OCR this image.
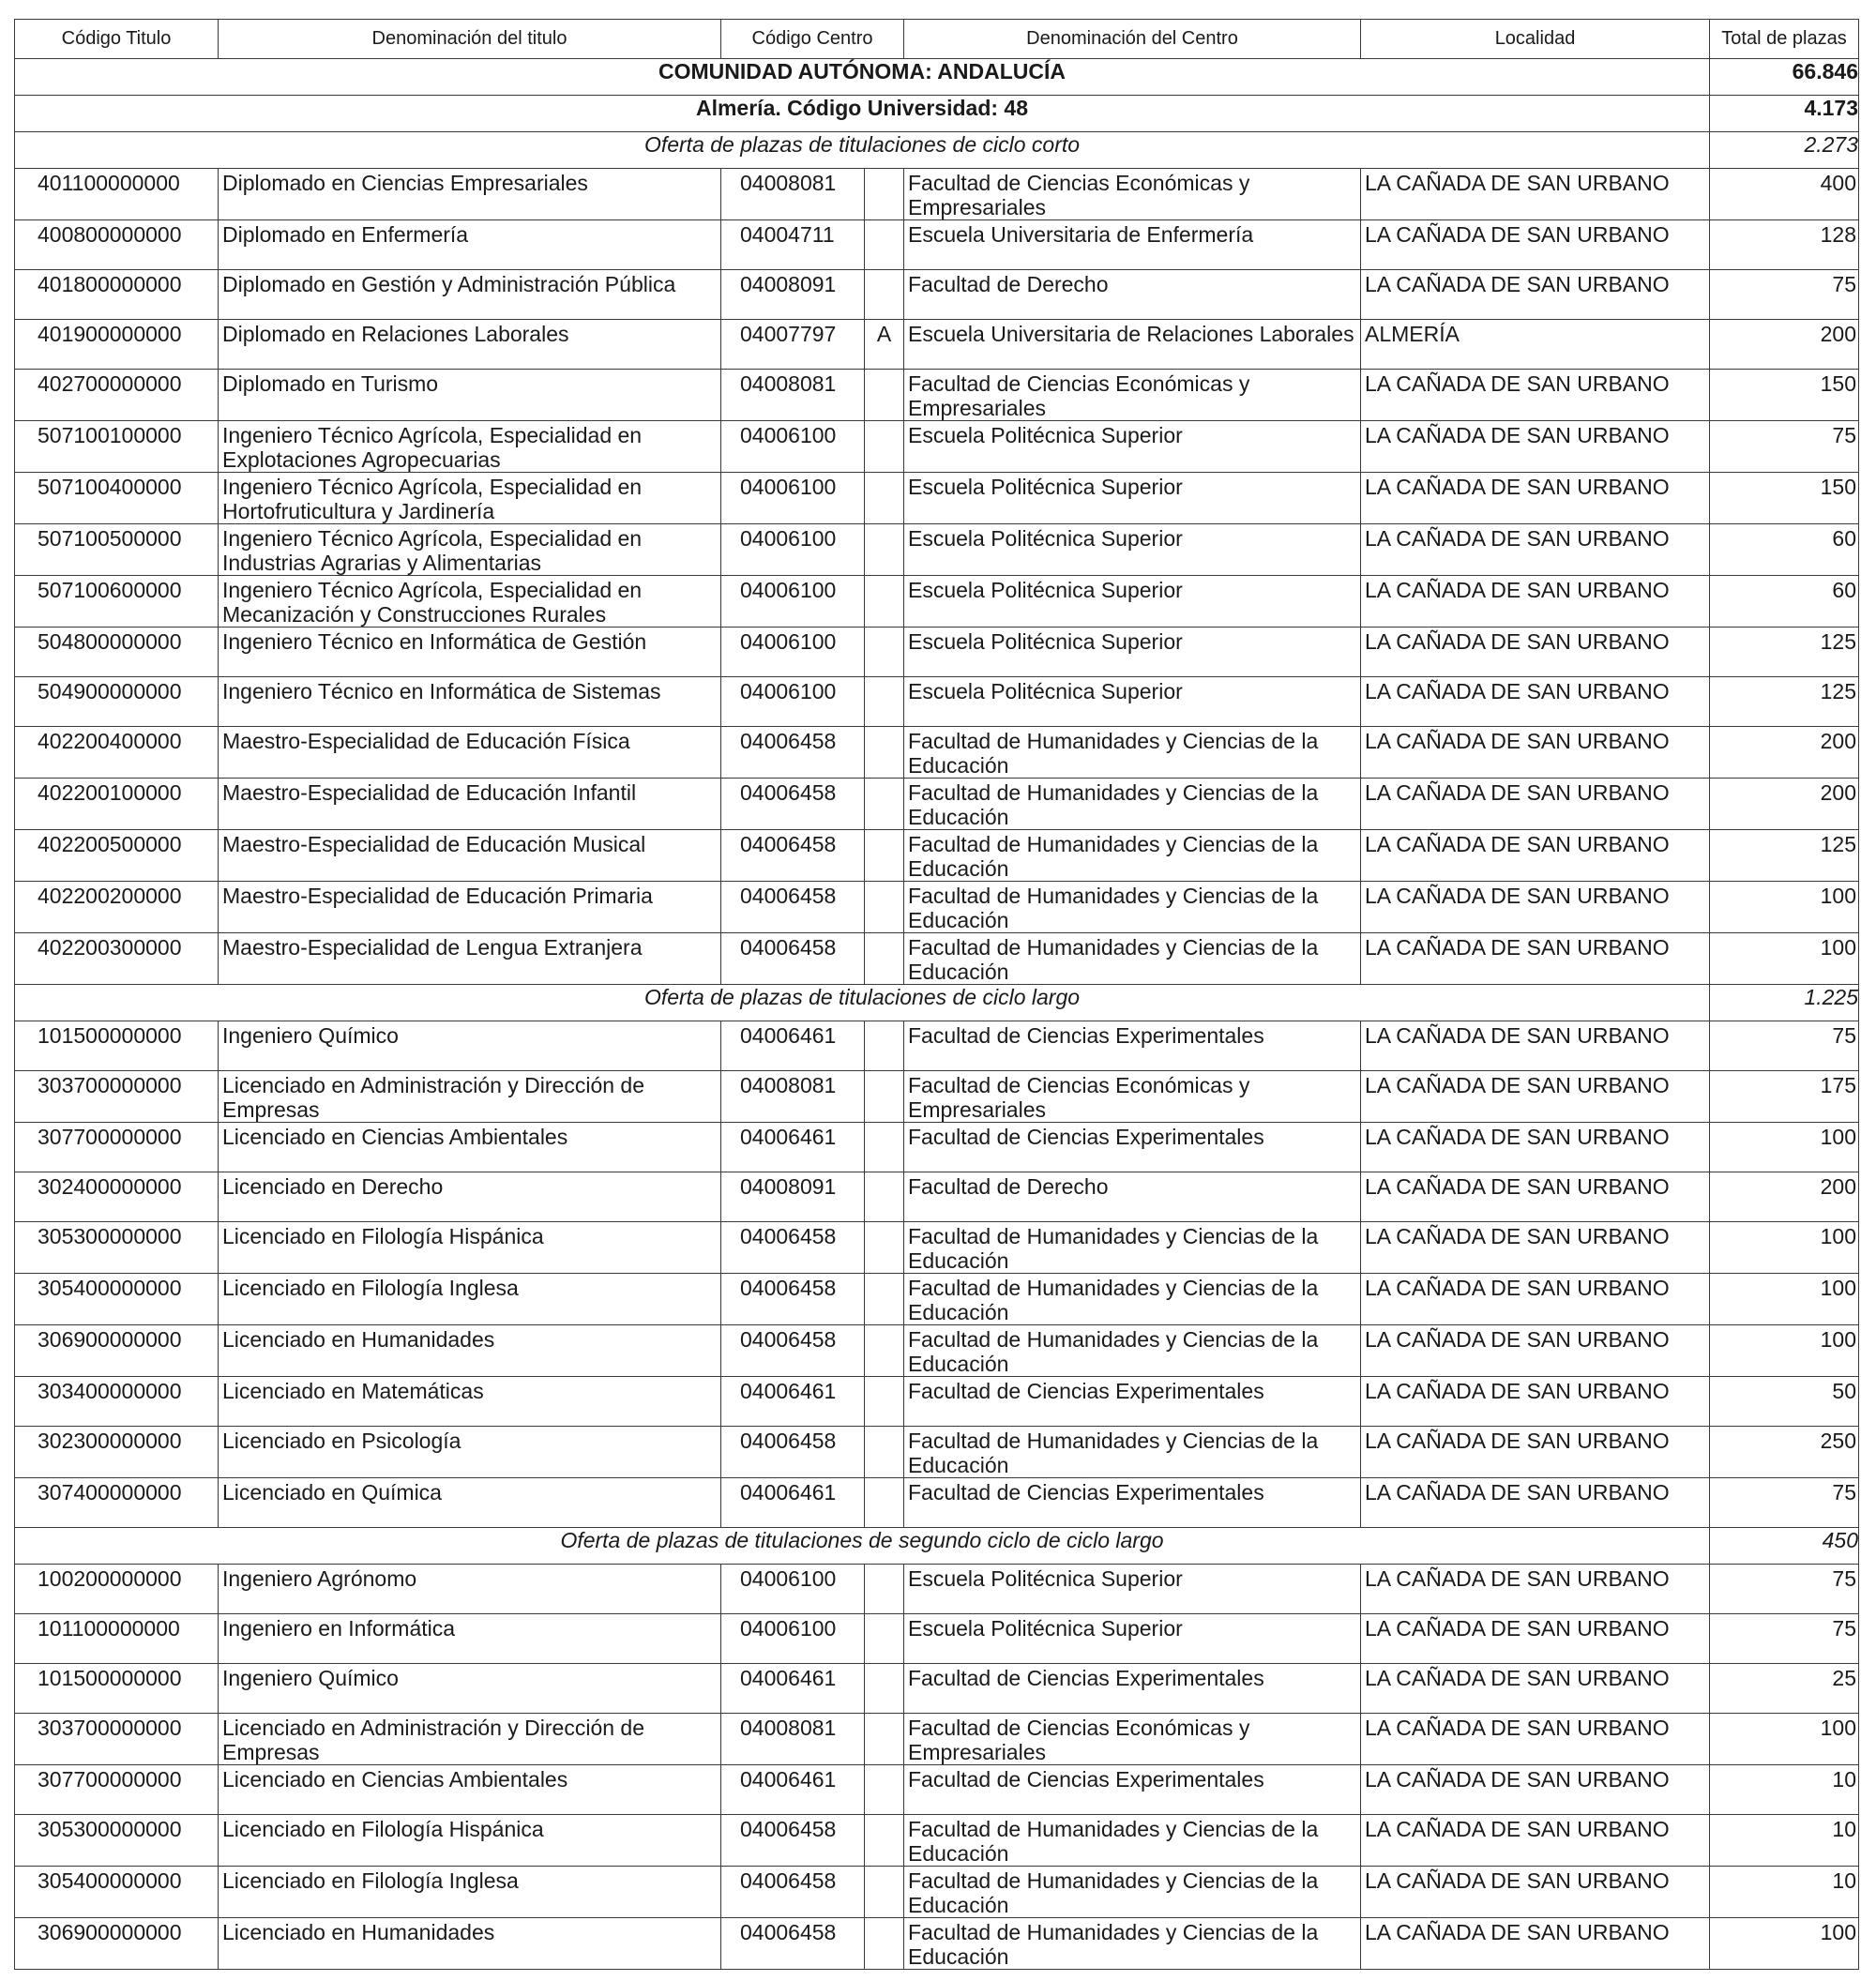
Código Titulo	Denominación del titulo	Código Centro		Denominación del Centro	Localidad	Total de plazas
COMUNIDAD AUTÓNOMA: ANDALUCÍA						66.846
Almería. Código Universidad: 48						4.173
Oferta de plazas de titulaciones de ciclo corto						2.273

401100000000	Diplomado en Ciencias Empresariales	04008081		Facultad de Ciencias Económicas y Empresariales	LA CAÑADA DE SAN URBANO	400

400800000000	Diplomado en Enfermería	04004711		Escuela Universitaria de Enfermería	LA CAÑADA DE SAN URBANO	128

401800000000	Diplomado en Gestión y Administración Pública	04008091		Facultad de Derecho	LA CAÑADA DE SAN URBANO	75

401900000000	Diplomado en Relaciones Laborales	04007797	A	Escuela Universitaria de Relaciones Laborales	ALMERÍA	200

402700000000	Diplomado en Turismo	04008081		Facultad de Ciencias Económicas y Empresariales	LA CAÑADA DE SAN URBANO	150

507100100000	Ingeniero Técnico Agrícola, Especialidad en Explotaciones Agropecuarias	04006100		Escuela Politécnica Superior	LA CAÑADA DE SAN URBANO	75

507100400000	Ingeniero Técnico Agrícola, Especialidad en Hortofruticultura y Jardinería	04006100		Escuela Politécnica Superior	LA CAÑADA DE SAN URBANO	150

507100500000	Ingeniero Técnico Agrícola, Especialidad en Industrias Agrarias y Alimentarias	04006100		Escuela Politécnica Superior	LA CAÑADA DE SAN URBANO	60

507100600000	Ingeniero Técnico Agrícola, Especialidad en Mecanización y Construcciones Rurales	04006100		Escuela Politécnica Superior	LA CAÑADA DE SAN URBANO	60

504800000000	Ingeniero Técnico en Informática de Gestión	04006100		Escuela Politécnica Superior	LA CAÑADA DE SAN URBANO	125

504900000000	Ingeniero Técnico en Informática de Sistemas	04006100		Escuela Politécnica Superior	LA CAÑADA DE SAN URBANO	125

402200400000	Maestro-Especialidad de Educación Física	04006458		Facultad de Humanidades y Ciencias de la Educación	LA CAÑADA DE SAN URBANO	200

402200100000	Maestro-Especialidad de Educación Infantil	04006458		Facultad de Humanidades y Ciencias de la Educación	LA CAÑADA DE SAN URBANO	200

402200500000	Maestro-Especialidad de Educación Musical	04006458		Facultad de Humanidades y Ciencias de la Educación	LA CAÑADA DE SAN URBANO	125

402200200000	Maestro-Especialidad de Educación Primaria	04006458		Facultad de Humanidades y Ciencias de la Educación	LA CAÑADA DE SAN URBANO	100

402200300000	Maestro-Especialidad de Lengua Extranjera	04006458		Facultad de Humanidades y Ciencias de la Educación	LA CAÑADA DE SAN URBANO	100

Oferta de plazas de titulaciones de ciclo largo						1.225

101500000000	Ingeniero Químico	04006461		Facultad de Ciencias Experimentales	LA CAÑADA DE SAN URBANO	75

303700000000	Licenciado en Administración y Dirección de Empresas	04008081		Facultad de Ciencias Económicas y Empresariales	LA CAÑADA DE SAN URBANO	175

307700000000	Licenciado en Ciencias Ambientales	04006461		Facultad de Ciencias Experimentales	LA CAÑADA DE SAN URBANO	100

302400000000	Licenciado en Derecho	04008091		Facultad de Derecho	LA CAÑADA DE SAN URBANO	200

305300000000	Licenciado en Filología Hispánica	04006458		Facultad de Humanidades y Ciencias de la Educación	LA CAÑADA DE SAN URBANO	100

305400000000	Licenciado en Filología Inglesa	04006458		Facultad de Humanidades y Ciencias de la Educación	LA CAÑADA DE SAN URBANO	100

306900000000	Licenciado en Humanidades	04006458		Facultad de Humanidades y Ciencias de la Educación	LA CAÑADA DE SAN URBANO	100

303400000000	Licenciado en Matemáticas	04006461		Facultad de Ciencias Experimentales	LA CAÑADA DE SAN URBANO	50

302300000000	Licenciado en Psicología	04006458		Facultad de Humanidades y Ciencias de la Educación	LA CAÑADA DE SAN URBANO	250

307400000000	Licenciado en Química	04006461		Facultad de Ciencias Experimentales	LA CAÑADA DE SAN URBANO	75

Oferta de plazas de titulaciones de segundo ciclo de ciclo largo						450

100200000000	Ingeniero Agrónomo	04006100		Escuela Politécnica Superior	LA CAÑADA DE SAN URBANO	75

101100000000	Ingeniero en Informática	04006100		Escuela Politécnica Superior	LA CAÑADA DE SAN URBANO	75

101500000000	Ingeniero Químico	04006461		Facultad de Ciencias Experimentales	LA CAÑADA DE SAN URBANO	25

303700000000	Licenciado en Administración y Dirección de Empresas	04008081		Facultad de Ciencias Económicas y Empresariales	LA CAÑADA DE SAN URBANO	100

307700000000	Licenciado en Ciencias Ambientales	04006461		Facultad de Ciencias Experimentales	LA CAÑADA DE SAN URBANO	10

305300000000	Licenciado en Filología Hispánica	04006458		Facultad de Humanidades y Ciencias de la Educación	LA CAÑADA DE SAN URBANO	10

305400000000	Licenciado en Filología Inglesa	04006458		Facultad de Humanidades y Ciencias de la Educación	LA CAÑADA DE SAN URBANO	10

306900000000	Licenciado en Humanidades	04006458		Facultad de Humanidades y Ciencias de la Educación	LA CAÑADA DE SAN URBANO	100
